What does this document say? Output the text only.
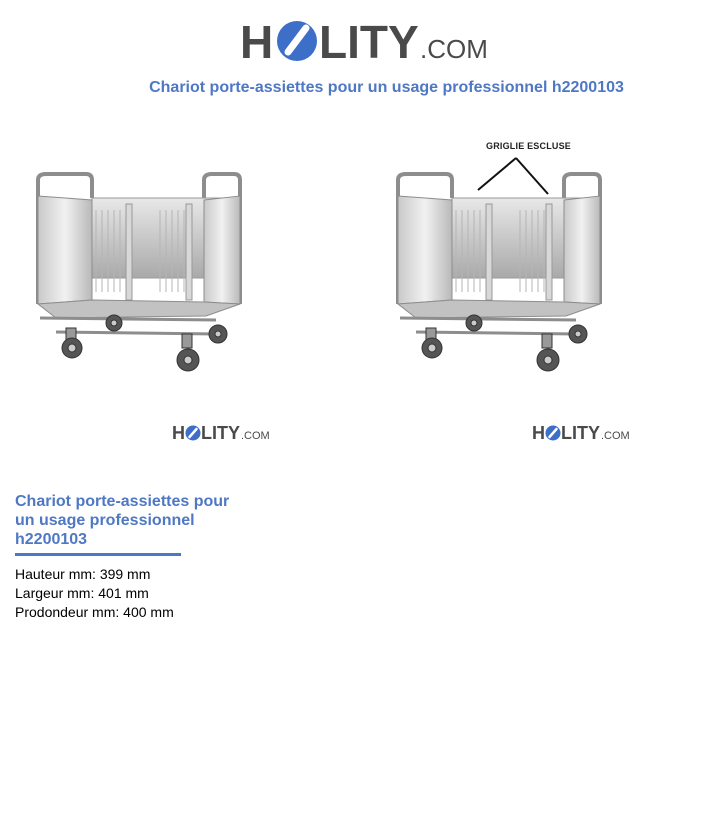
H LITY .COM
Chariot porte-assiettes pour un usage professionnel h2200103
GRIGLIE ESCLUSE
H LITY .COM	H LITY .COM
Chariot porte-assiettes pour un usage professionnel h2200103
Hauteur mm: 399 mm
Largeur mm: 401 mm
Prodondeur mm: 400 mm
